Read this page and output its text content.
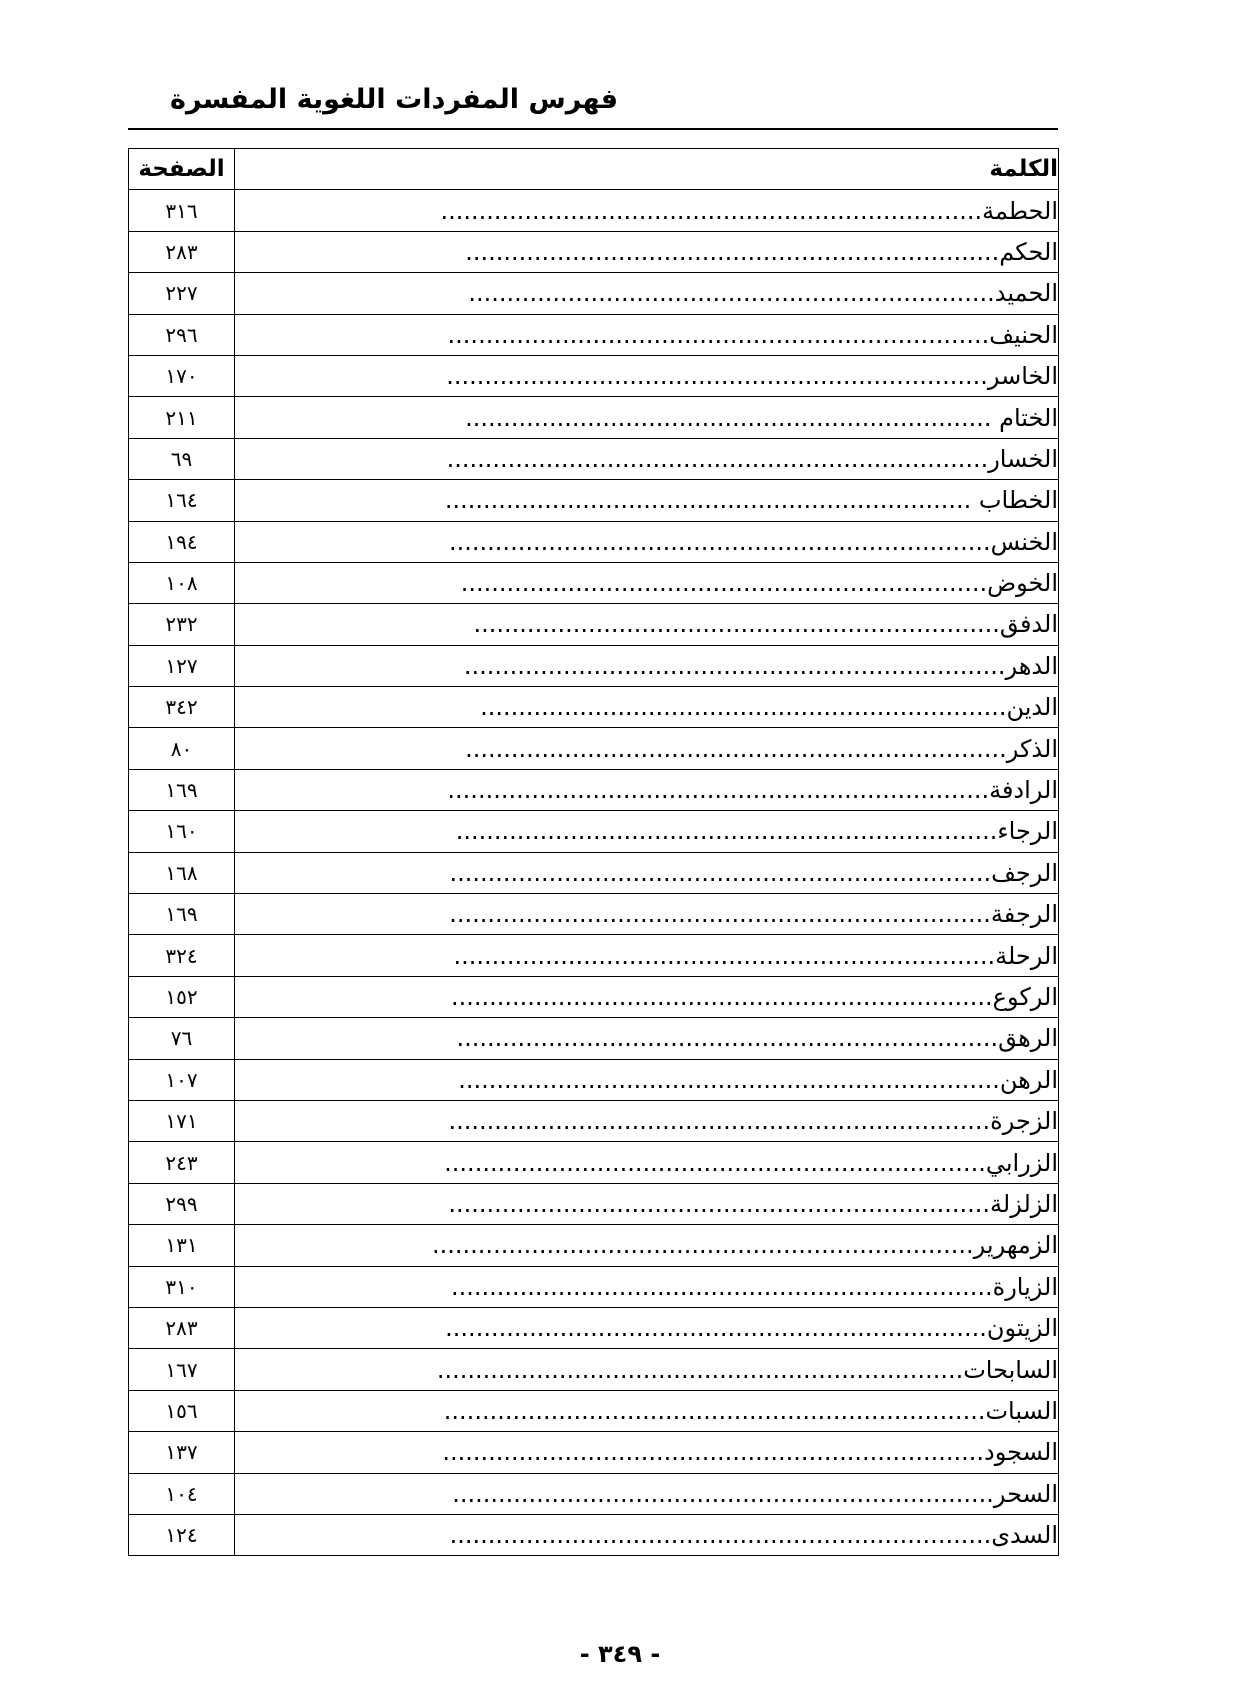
فهرس المفردات اللغوية المفسرة
الكلمة	الصفحة
الحطمة.......................................................................	٣١٦
الحكم......................................................................	٢٨٣
الحميد.....................................................................	٢٢٧
الحنيف.......................................................................	٢٩٦
الخاسر.......................................................................	١٧٠
الختام .....................................................................	٢١١
الخسار.......................................................................	٦٩
الخطاب .....................................................................	١٦٤
الخنس.......................................................................	١٩٤
الخوض.....................................................................	١٠٨
الدفق.....................................................................	٢٣٢
الدهر.......................................................................	١٢٧
الدين.....................................................................	٣٤٢
الذكر.......................................................................	٨٠
الرادفة.......................................................................	١٦٩
الرجاء.......................................................................	١٦٠
الرجف.......................................................................	١٦٨
الرجفة.......................................................................	١٦٩
الرحلة.......................................................................	٣٢٤
الركوع.......................................................................	١٥٢
الرهق.......................................................................	٧٦
الرهن.......................................................................	١٠٧
الزجرة.......................................................................	١٧١
الزرابي.......................................................................	٢٤٣
الزلزلة.......................................................................	٢٩٩
الزمهرير.......................................................................	١٣١
الزيارة.......................................................................	٣١٠
الزيتون.......................................................................	٢٨٣
السابحات.....................................................................	١٦٧
السبات.......................................................................	١٥٦
السجود.......................................................................	١٣٧
السحر.......................................................................	١٠٤
السدى.......................................................................	١٢٤
- ٣٤٩ -
